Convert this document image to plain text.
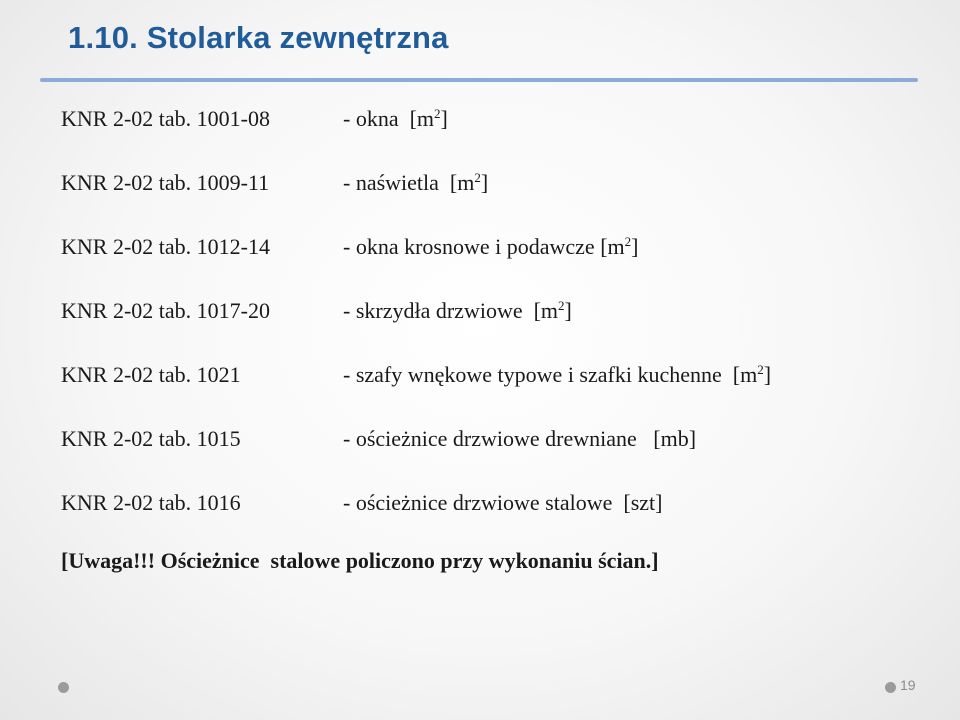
1.10. Stolarka zewnętrzna
KNR 2-02 tab. 1001-08	- okna  $[m^2]$
KNR 2-02 tab. 1009-11	- naświetla  $[m^2]$
KNR 2-02 tab. 1012-14	- okna krosnowe i podawcze $[m^2]$
KNR 2-02 tab. 1017-20	- skrzydła drzwiowe  $[m^2]$
KNR 2-02 tab. 1021	- szafy wnękowe typowe i szafki kuchenne  $[m^2]$
KNR 2-02 tab. 1015	- ościeżnice drzwiowe drewniane   [mb]
KNR 2-02 tab. 1016	- ościeżnice drzwiowe stalowe  [szt]

[Uwaga!!! Ościeżnice  stalowe policzono przy wykonaniu ścian.]

19
